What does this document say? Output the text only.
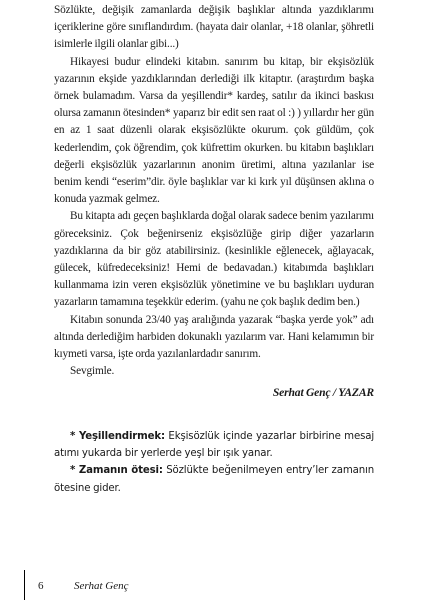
Sözlükte, değişik zamanlarda değişik başlıklar altında yazdıklarımı içeriklerine göre sınıflandırdım. (hayata dair olanlar, +18 olanlar, şöhretli isimlerle ilgili olanlar gibi...)

Hikayesi budur elindeki kitabın. sanırım bu kitap, bir ekşisözlük yazarının ekşide yazdıklarından derlediği ilk kitaptır. (araştırdım başka örnek bulamadım. Varsa da yeşillendir* kardeş, satılır da ikinci baskısı olursa zamanın ötesinden* yaparız bir edit sen raat ol :) ) yıllardır her gün en az 1 saat düzenli olarak ekşisözlükte okurum. çok güldüm, çok kederlendim, çok öğrendim, çok küfrettim okurken. bu kitabın başlıkları değerli ekşisözlük yazarlarının anonim üretimi, altına yazılanlar ise benim kendi “eserim”dir. öyle başlıklar var ki kırk yıl düşünsen aklına o konuda yazmak gelmez.

Bu kitapta adı geçen başlıklarda doğal olarak sadece benim yazılarımı göreceksiniz. Çok beğenirseniz ekşisözlüğe girip diğer yazarların yazdıklarına da bir göz atabilirsiniz. (kesinlikle eğlenecek, ağlayacak, gülecek, küfredeceksiniz! Hemi de bedavadan.) kitabımda başlıkları kullanmama izin veren ekşisözlük yönetimine ve bu başlıkları uyduran yazarların tamamına teşekkür ederim. (yahu ne çok başlık dedim ben.)

Kitabın sonunda 23/40 yaş aralığında yazarak “başka yerde yok” adı altında derlediğim harbiden dokunaklı yazılarım var. Hani kelamımın bir kıymeti varsa, işte orda yazılanlardadır sanırım.

Sevgimle.

Serhat Genç / YAZAR

* Yeşillendirmek: Ekşisözlük içinde yazarlar birbirine mesaj atımı yukarda bir yerlerde yeşl bir ışık yanar.

* Zamanın ötesi: Sözlükte beğenilmeyen entry’ler zamanın ötesine gider.

6	Serhat Genç
